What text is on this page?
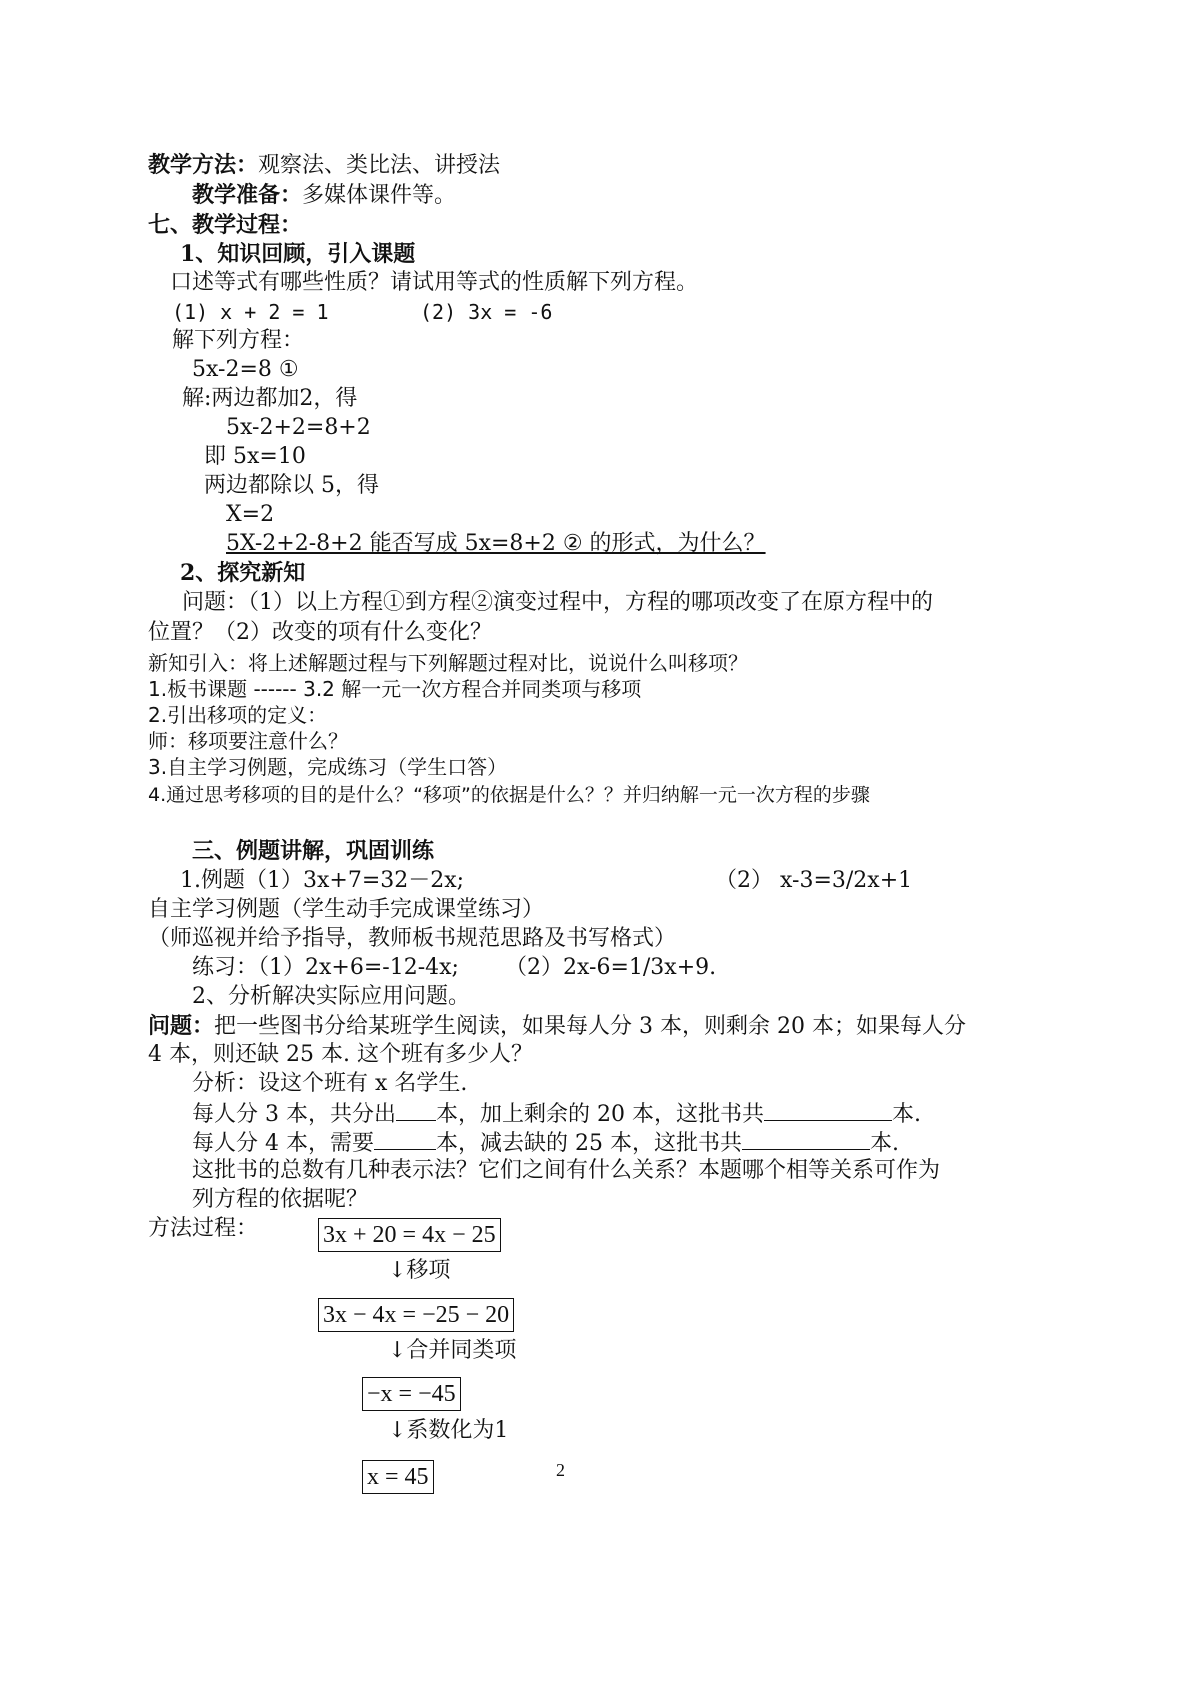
教学方法：观察法、类比法、讲授法
教学准备：多媒体课件等。
七、教学过程：
1、知识回顾，引入课题
口述等式有哪些性质？请试用等式的性质解下列方程。
(1) x + 2 = 1	(2) 3x = -6
解下列方程：
5x-2=8 ①
解:两边都加2，得
5x-2+2=8+2
即 5x=10
两边都除以 5，得
X=2
5X-2+2-8+2 能否写成 5x=8+2 ② 的形式，为什么？
2、探究新知
问题：（1）以上方程①到方程②演变过程中，方程的哪项改变了在原方程中的
位置？（2）改变的项有什么变化？
新知引入：将上述解题过程与下列解题过程对比，说说什么叫移项？
1.板书课题 ------ 3.2 解一元一次方程合并同类项与移项
2.引出移项的定义：
师：移项要注意什么？
3.自主学习例题，完成练习（学生口答）
4.通过思考移项的目的是什么？“移项”的依据是什么？？并归纳解一元一次方程的步骤
三、例题讲解，巩固训练
1.例题（1）3x+7=32－2x;	（2） x-3=3/2x+1
自主学习例题（学生动手完成课堂练习）
（师巡视并给予指导，教师板书规范思路及书写格式）
练习：（1）2x+6=-12-4x; （2）2x-6=1/3x+9.
2、分析解决实际应用问题。
问题：把一些图书分给某班学生阅读，如果每人分 3 本，则剩余 20 本；如果每人分
4 本，则还缺 25 本. 这个班有多少人？
分析：设这个班有 x 名学生.
每人分 3 本，共分出 本，加上剩余的 20 本，这批书共	本.
每人分 4 本，需要	本，减去缺的 25 本，这批书共	本.
这批书的总数有几种表示法？它们之间有什么关系？本题哪个相等关系可作为
列方程的依据呢？
方法过程：	3x + 20 = 4x − 25
↓移项
3x − 4x = −25 − 20
↓合并同类项
−x = −45
↓系数化为1
x = 45	2
